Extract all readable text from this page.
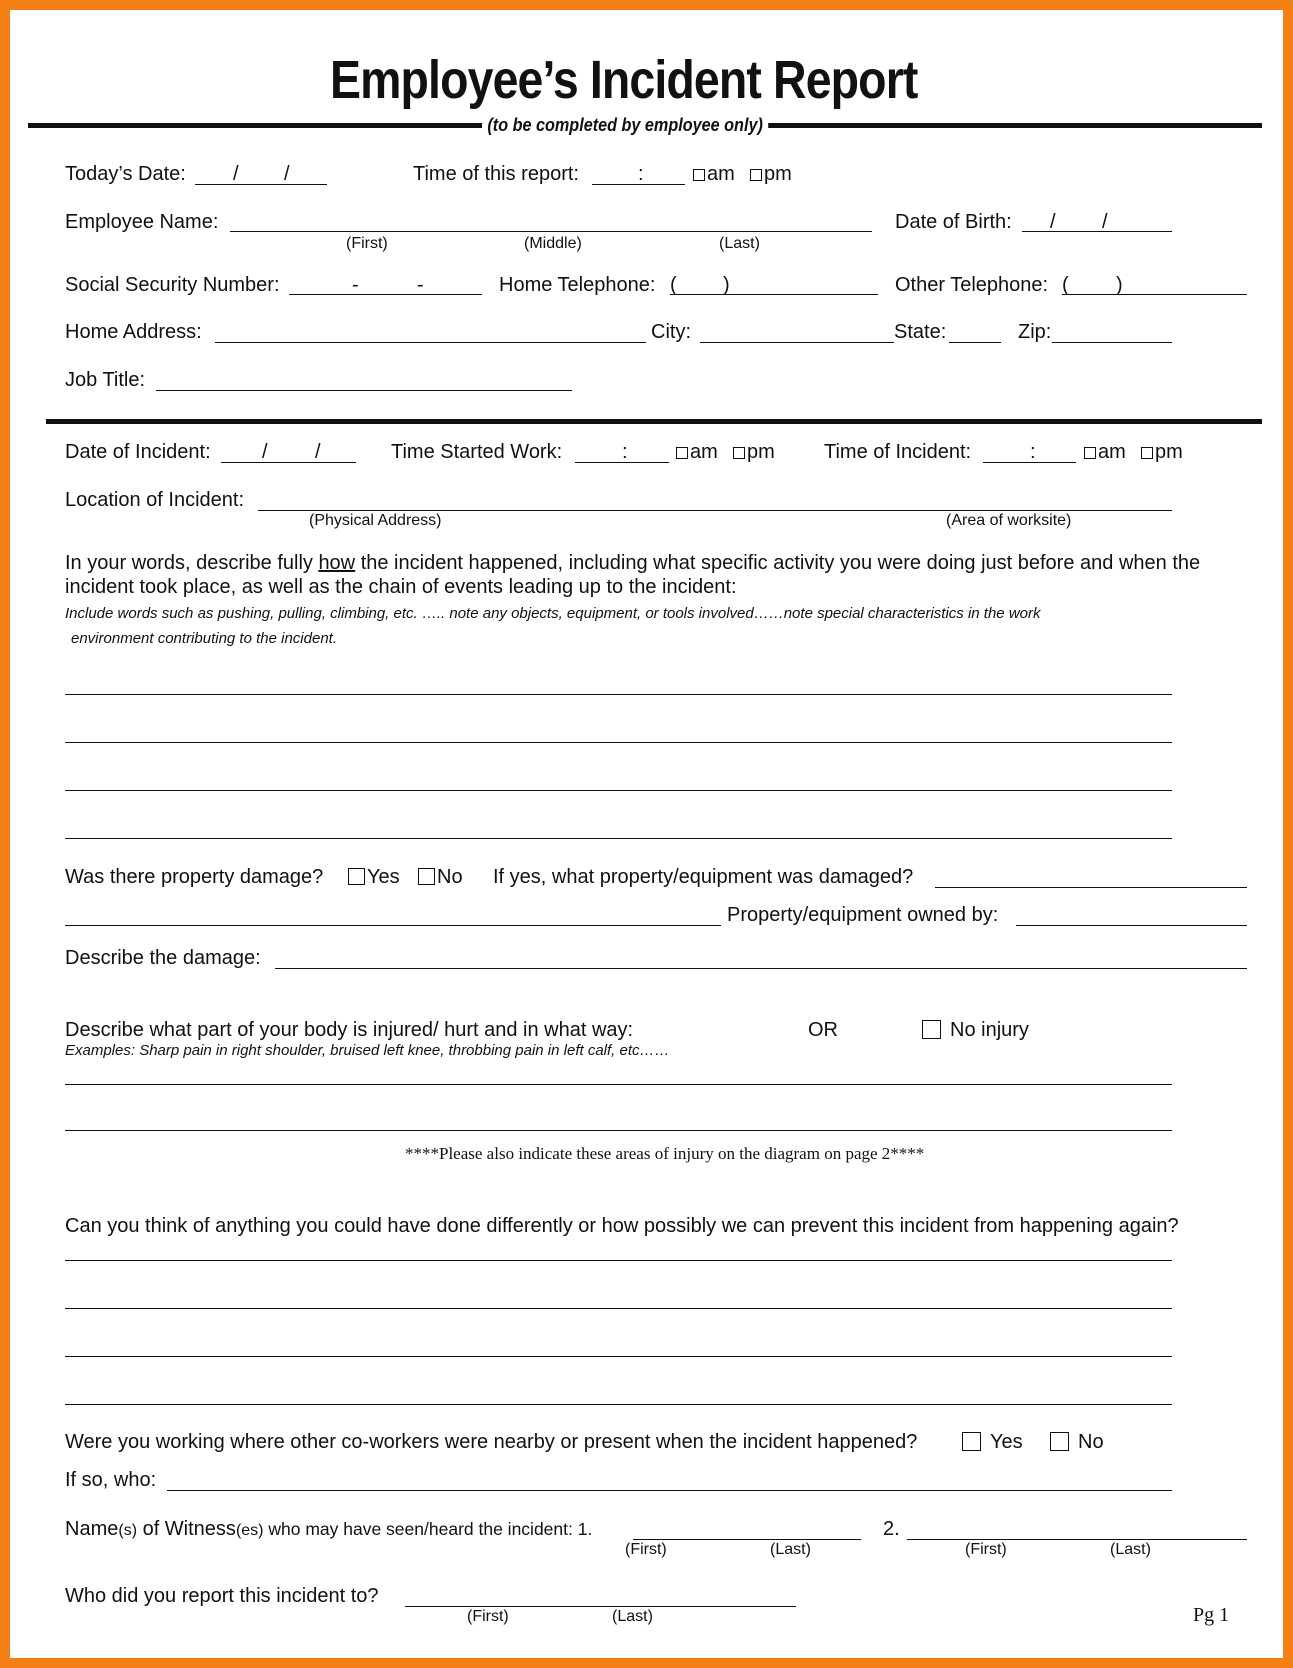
Employee’s Incident Report
(to be completed by employee only)
Today’s Date: / /	Time of this report:	:	am pm
Employee Name:
(First)	(Middle)	(Last)
Date of Birth: / /
Social Security Number:	-	-	Home Telephone: ( )	Other Telephone: ( )
Home Address:	City:	State:	Zip:
Job Title:
Date of Incident:	/ /	Time Started Work:	:	am pm Time of Incident:	:	am pm
Location of Incident:
(Physical Address)	(Area of worksite)
In your words, describe fully how the incident happened, including what specific activity you were doing just before and when the
incident took place, as well as the chain of events leading up to the incident:
Include words such as pushing, pulling, climbing, etc. ….. note any objects, equipment, or tools involved……note special characteristics in the work
environment contributing to the incident.
Was there property damage? Yes No If yes, what property/equipment was damaged?
Property/equipment owned by:
Describe the damage:
Describe what part of your body is injured/ hurt and in what way:	OR	No injury
Examples: Sharp pain in right shoulder, bruised left knee, throbbing pain in left calf, etc……
****Please also indicate these areas of injury on the diagram on page 2****
Can you think of anything you could have done differently or how possibly we can prevent this incident from happening again?
Were you working where other co-workers were nearby or present when the incident happened?	Yes	No
If so, who:
Name(s) of Witness(es) who may have seen/heard the incident: 1.
(First)	(Last)
2.
(First)	(Last)
Who did you report this incident to?
(First)	(Last)	Pg 1
